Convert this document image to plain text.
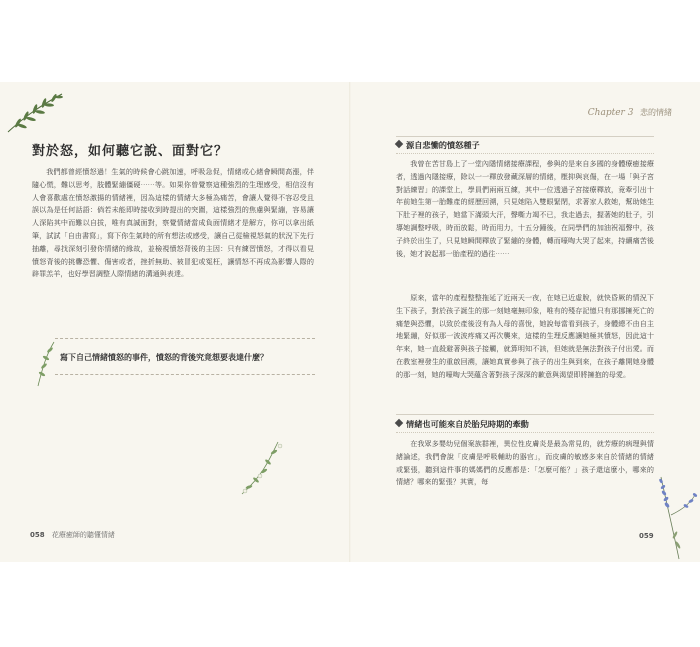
對於怒，如何聽它說、面對它？

我們都曾經憤怒過！生氣的時候會心跳加速，呼吸急促，情緒或心緒會瞬間高漲，伴隨心慌，難以思考，肢體緊繃僵硬⋯⋯等。如果你曾覺察這種強烈的生理感受，相信沒有人會喜歡處在憤怒激揚的情緒裡，因為這樣的情緒大多極為痛苦，會讓人覺得不容忍受且誤以為是任何話語：倘若未能即時接收到時提出的突圍，這樣強烈的焦慮與緊繃，容易讓人深陷其中而難以自拔，唯有真誠面對，察覺情緒當成負面情緒才是解方，你可以拿出紙筆，試試「自由書寫」，寫下你生氣時的所有想法或感受，讓自己從檢視怒氣的狀況下先行抽離，尋找深刻引發你情緒的緣故，並檢視憤怒背後的主因：只有練習憤怒，才得以看見憤怒背後的挑釁恐懼、傷害或者，挫折無助、被冒犯或冤枉，讓情怒不再成為影響人際的辟罪羔羊，也好學習調整人際情緒的溝通與表達。

寫下自己情緒憤怒的事件，憤怒的背後究竟想要表達什麼？
058 花療癒師的聽懂情緒
Chapter 3 悲的情緒
源自悲慟的憤怒種子

我曾在苦甘島上了一堂內隱情緒接療課程，參與的是來自多國的身體療癒接療者，透過內隱接療，除以一一釋放發藏深層的情緒，壓抑與哀傷，在一場「與子宮對話練習」的課堂上，學員們兩兩互練，其中一位透過子宮接療釋放，竟牽引出十年前她生第一胎難產的經歷回溯，只見她陷入雙眼緊閉，求著家人救她，幫助她生下肚子裡的孩子，她當下滿頭大汗，聲嘶力竭不已，我走過去，握著她的肚子，引導她調整呼吸，時而放鬆，時而用力，十五分鐘後，在同學們的加油祝福聲中，孩子終於出生了，只見她瞬間釋放了緊繃的身體，轉而嚎啕大哭了起來，持續痛苦後後，她才說起那一胎產程的過往⋯⋯

原來，當年的產程整整拖延了近兩天一夜，在她已近虛脫，就快昏厥的情況下生下孩子，對於孩子誕生的那一刻她毫無印象，唯有的殘存記憶只有那挪擁死亡的痛楚與恐懼，以致於產後沒有為人母的喜悅，她說每當看到孩子，身體總不由自主地緊繃，好似那一波波疼痛又再次襲來，這樣的生理反應讓她極其憤怒，因此這十年來，她一直殺避著與孩子接觸，就算明知不該，但她就是無法對孩子付出愛。而在教室裡發生的重啟回溯，讓她真實參與了孩子的出生與到來，在孩子離開她身體的那一刻，她的嚎啕大哭蘊含著對孩子深深的歉意與渴望即將擁抱的母愛。

情緒也可能來自於胎兒時期的牽動

在我眾多嬰幼兒個案族群裡，異位性皮膚炎是最為常見的，就芳療的病理與情緒論述，我們會說「皮膚是呼吸輔助的器官」，而皮膚的敏感多來自於情緒的情緒或緊張，聽到這件事的媽媽們的反應都是：「怎麼可能？」孩子還這麼小，哪來的情緒？哪來的緊張？其實，每

059
